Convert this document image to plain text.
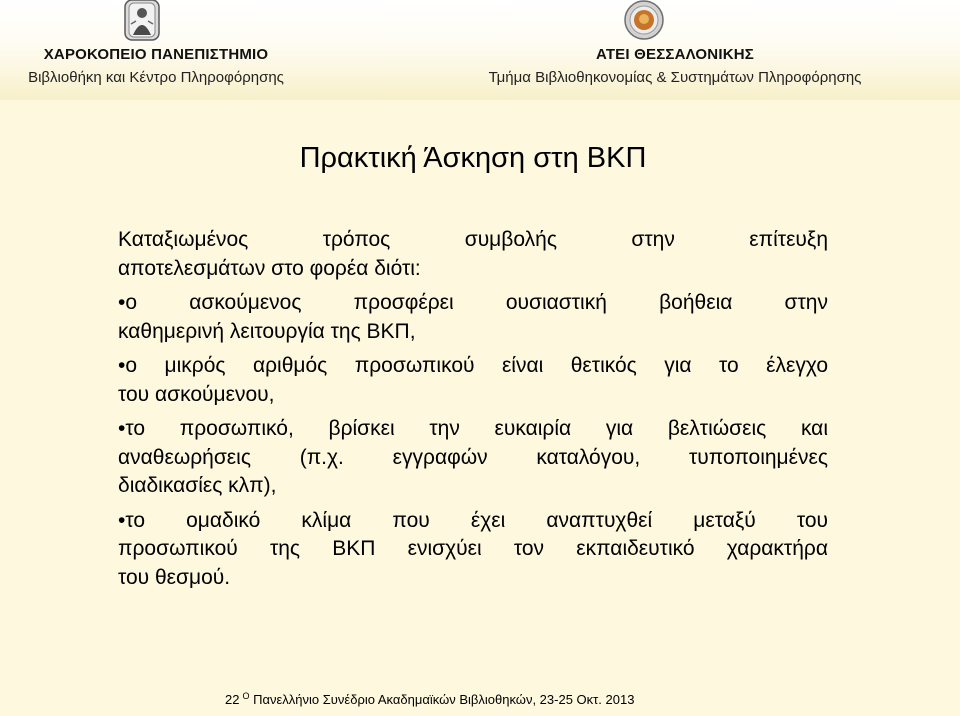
ΧΑΡΟΚΟΠΕΙΟ ΠΑΝΕΠΙΣΤΗΜΙΟ
Βιβλιοθήκη και Κέντρο Πληροφόρησης
ΑΤΕΙ ΘΕΣΣΑΛΟΝΙΚΗΣ
Τμήμα Βιβλιοθηκονομίας & Συστημάτων Πληροφόρησης
Πρακτική Άσκηση στη ΒΚΠ
Καταξιωμένος τρόπος συμβολής στην επίτευξη
αποτελεσμάτων στο φορέα διότι:
•ο ασκούμενος προσφέρει ουσιαστική βοήθεια στην
καθημερινή λειτουργία της ΒΚΠ,
•ο μικρός αριθμός προσωπικού είναι θετικός για το έλεγχο
του ασκούμενου,
•το προσωπικό, βρίσκει την ευκαιρία για βελτιώσεις και
αναθεωρήσεις (π.χ. εγγραφών καταλόγου, τυποποιημένες
διαδικασίες κλπ),
•το ομαδικό κλίμα που έχει αναπτυχθεί μεταξύ του
προσωπικού της ΒΚΠ ενισχύει τον εκπαιδευτικό χαρακτήρα
του θεσμού.
22 $^O$ Πανελλήνιο Συνέδριο Ακαδημαϊκών Βιβλιοθηκών, 23-25 Οκτ. 2013
